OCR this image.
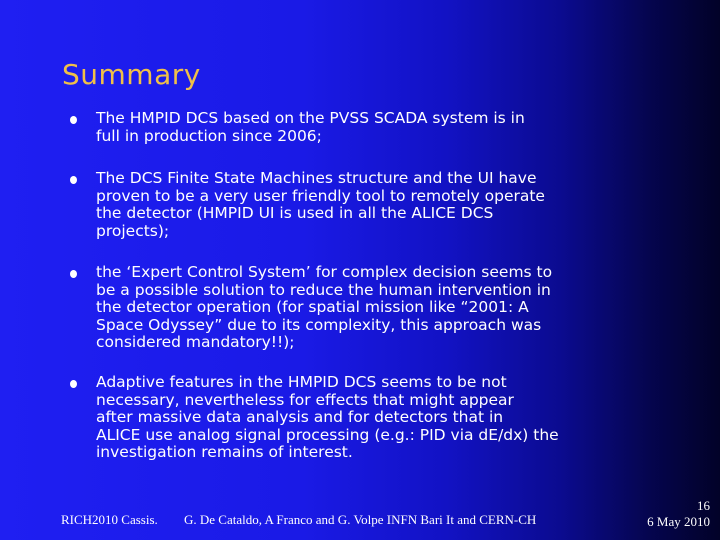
Summary
The HMPID DCS based on the PVSS SCADA system is in
full in production since 2006;
The DCS Finite State Machines structure and the UI have
proven to be a very user friendly tool to remotely operate
the detector (HMPID UI is used in all the ALICE DCS
projects);
the ‘Expert Control System’ for complex decision seems to
be a possible solution to reduce the human intervention in
the detector operation (for spatial mission like “2001: A
Space Odyssey” due to its complexity, this approach was
considered mandatory!!);
Adaptive features in the HMPID DCS seems to be not
necessary, nevertheless for effects that might appear
after massive data analysis and for detectors that in
ALICE use analog signal processing (e.g.: PID via dE/dx) the
investigation remains of interest.
RICH2010 Cassis. G. De Cataldo, A Franco and G. Volpe INFN Bari It and CERN-CH
16
6 May 2010
